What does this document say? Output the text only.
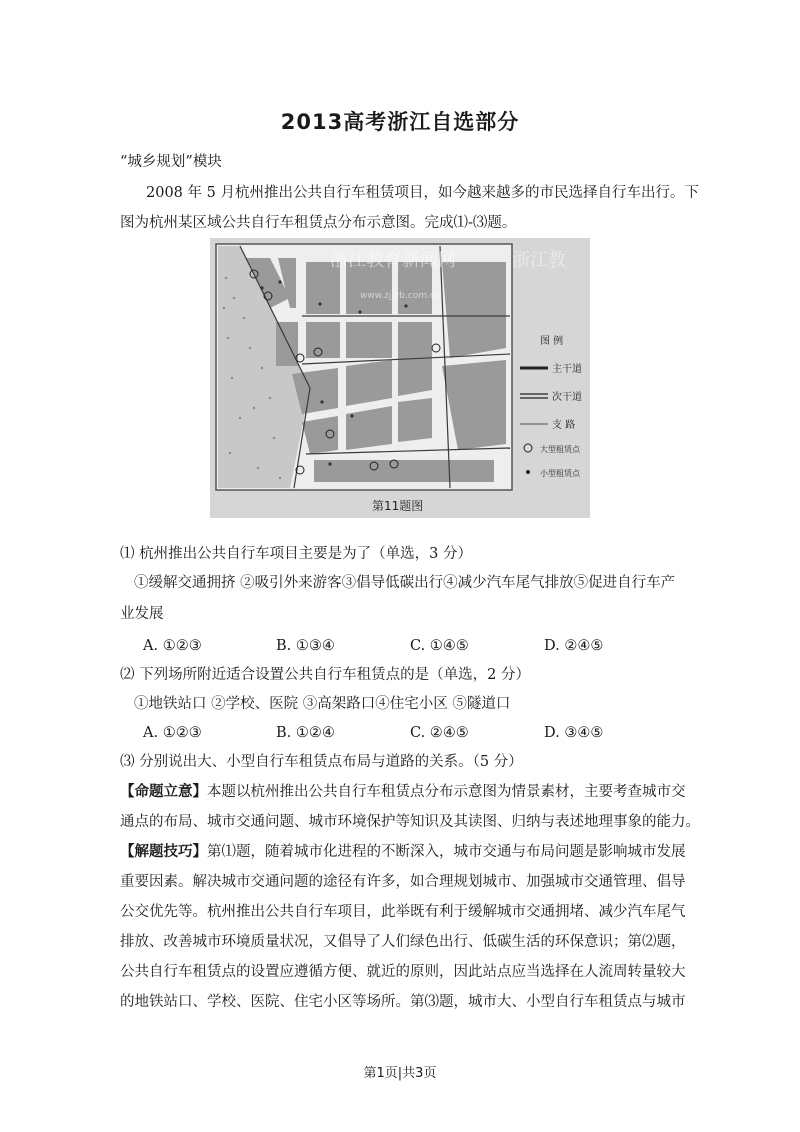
2013高考浙江自选部分
“城乡规划”模块
2008 年 5 月杭州推出公共自行车租赁项目，如今越来越多的市民选择自行车出行。下
图为杭州某区域公共自行车租赁点分布示意图。完成⑴-⑶题。
图 例
主干道
次干道
支 路
大型租赁点
小型租赁点
浙江教育新闻网	浙江教
www.zjjyb.com.cn
第11题图
⑴ 杭州推出公共自行车项目主要是为了（单选，3 分）
①缓解交通拥挤 ②吸引外来游客③倡导低碳出行④减少汽车尾气排放⑤促进自行车产
业发展
A. ①②③	B. ①③④	C. ①④⑤	D. ②④⑤
⑵ 下列场所附近适合设置公共自行车租赁点的是（单选，2 分）
①地铁站口 ②学校、医院 ③高架路口④住宅小区 ⑤隧道口
A. ①②③	B. ①②④	C. ②④⑤	D. ③④⑤
⑶ 分别说出大、小型自行车租赁点布局与道路的关系。（5 分）
【命题立意】本题以杭州推出公共自行车租赁点分布示意图为情景素材，主要考查城市交
通点的布局、城市交通问题、城市环境保护等知识及其读图、归纳与表述地理事象的能力。
【解题技巧】第⑴题，随着城市化进程的不断深入，城市交通与布局问题是影响城市发展
重要因素。解决城市交通问题的途径有许多，如合理规划城市、加强城市交通管理、倡导
公交优先等。杭州推出公共自行车项目，此举既有利于缓解城市交通拥堵、减少汽车尾气
排放、改善城市环境质量状况，又倡导了人们绿色出行、低碳生活的环保意识；第⑵题，
公共自行车租赁点的设置应遵循方便、就近的原则，因此站点应当选择在人流周转量较大
的地铁站口、学校、医院、住宅小区等场所。第⑶题，城市大、小型自行车租赁点与城市
第1页|共3页
